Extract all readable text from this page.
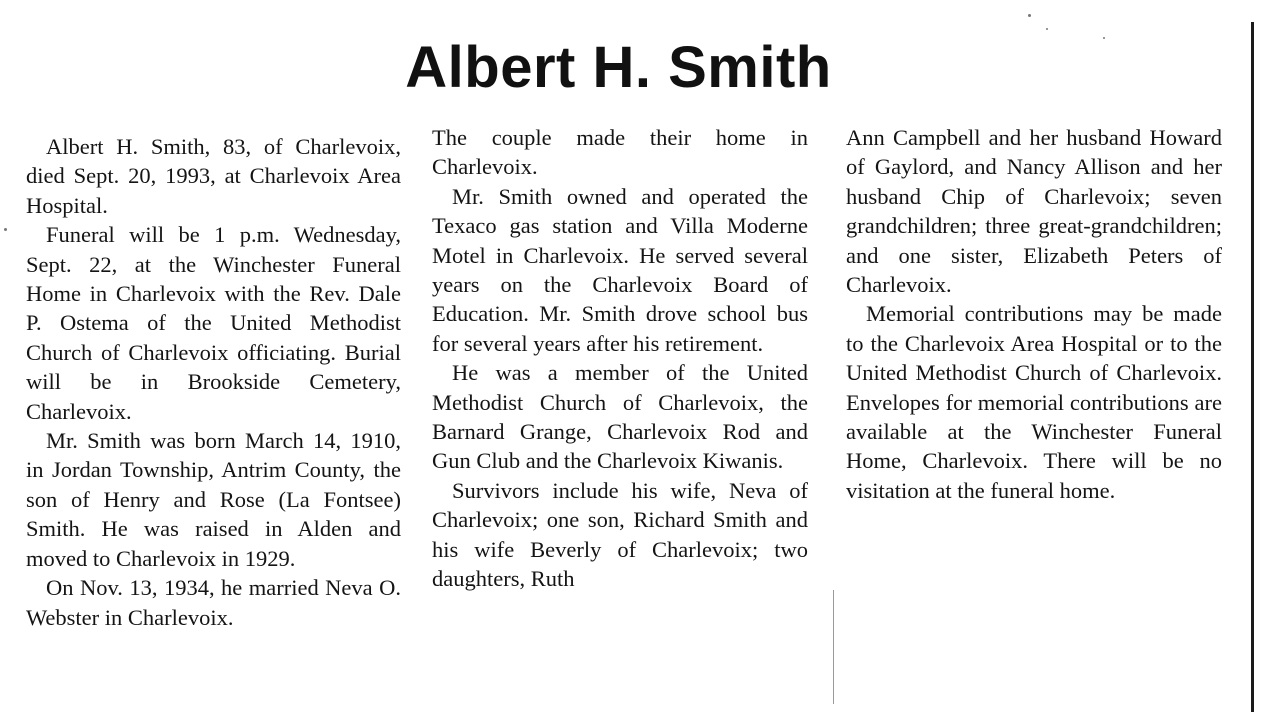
Albert H. Smith

Albert H. Smith, 83, of Charlevoix, died Sept. 20, 1993, at Charlevoix Area Hospital.

Funeral will be 1 p.m. Wednesday, Sept. 22, at the Winchester Funeral Home in Charlevoix with the Rev. Dale P. Ostema of the United Methodist Church of Charlevoix officiating. Burial will be in Brookside Cemetery, Charlevoix.

Mr. Smith was born March 14, 1910, in Jordan Township, Antrim County, the son of Henry and Rose (La Fontsee) Smith. He was raised in Alden and moved to Charlevoix in 1929.

On Nov. 13, 1934, he married Neva O. Webster in Charlevoix.

The couple made their home in Charlevoix.

Mr. Smith owned and operated the Texaco gas station and Villa Moderne Motel in Charlevoix. He served several years on the Charlevoix Board of Education. Mr. Smith drove school bus for several years after his retirement.

He was a member of the United Methodist Church of Charlevoix, the Barnard Grange, Charlevoix Rod and Gun Club and the Charlevoix Kiwanis.

Survivors include his wife, Neva of Charlevoix; one son, Richard Smith and his wife Beverly of Charlevoix; two daughters, Ruth

Ann Campbell and her husband Howard of Gaylord, and Nancy Allison and her husband Chip of Charlevoix; seven grandchildren; three great-grandchildren; and one sister, Elizabeth Peters of Charlevoix.

Memorial contributions may be made to the Charlevoix Area Hospital or to the United Methodist Church of Charlevoix. Envelopes for memorial contributions are available at the Winchester Funeral Home, Charlevoix. There will be no visitation at the funeral home.
